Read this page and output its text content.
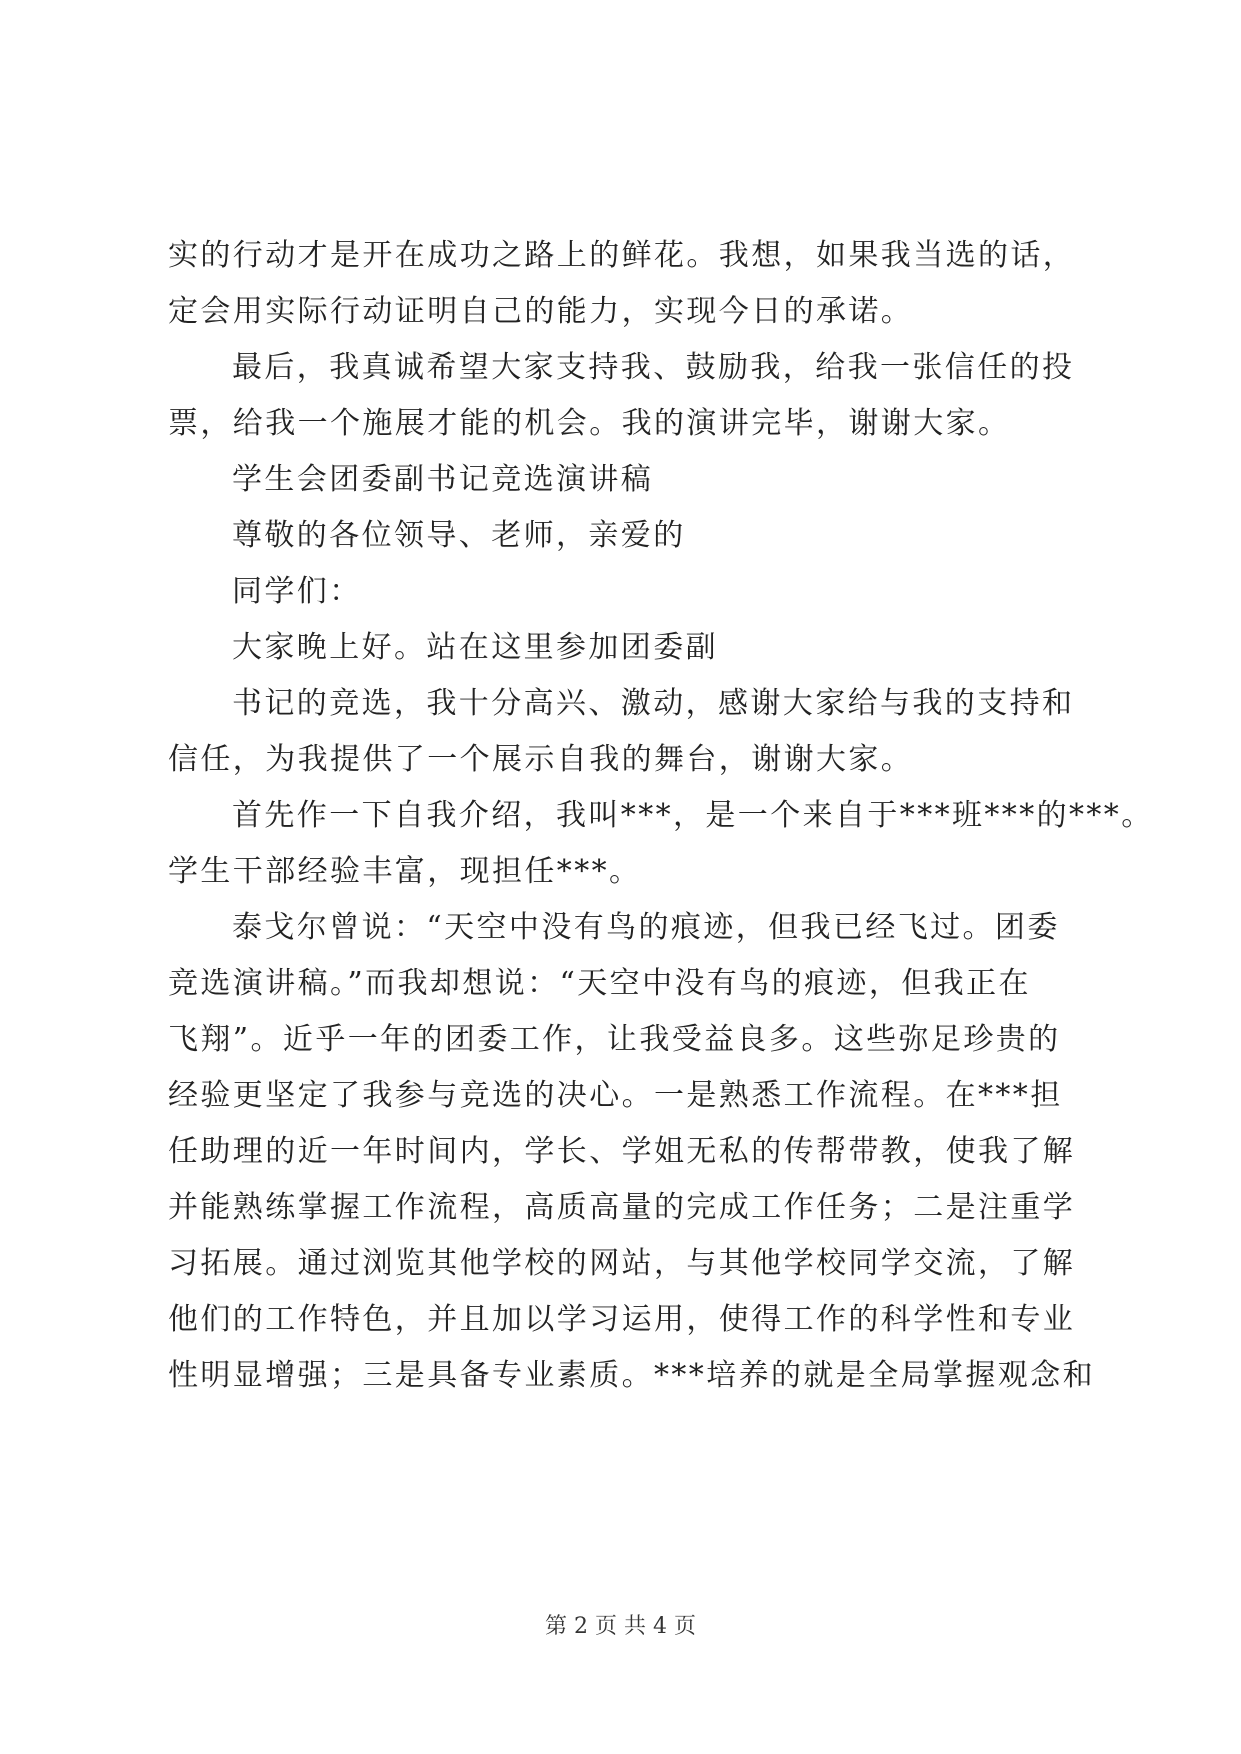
实的行动才是开在成功之路上的鲜花。我想，如果我当选的话，
定会用实际行动证明自己的能力，实现今日的承诺。
最后，我真诚希望大家支持我、鼓励我，给我一张信任的投
票，给我一个施展才能的机会。我的演讲完毕，谢谢大家。
学生会团委副书记竞选演讲稿
尊敬的各位领导、老师，亲爱的
同学们：
大家晚上好。站在这里参加团委副
书记的竞选，我十分高兴、激动，感谢大家给与我的支持和
信任，为我提供了一个展示自我的舞台，谢谢大家。
首先作一下自我介绍，我叫***，是一个来自于***班***的***。
学生干部经验丰富，现担任***。
泰戈尔曾说：“天空中没有鸟的痕迹，但我已经飞过。团委
竞选演讲稿。”而我却想说：“天空中没有鸟的痕迹，但我正在
飞翔”。近乎一年的团委工作，让我受益良多。这些弥足珍贵的
经验更坚定了我参与竞选的决心。一是熟悉工作流程。在***担
任助理的近一年时间内，学长、学姐无私的传帮带教，使我了解
并能熟练掌握工作流程，高质高量的完成工作任务；二是注重学
习拓展。通过浏览其他学校的网站，与其他学校同学交流，了解
他们的工作特色，并且加以学习运用，使得工作的科学性和专业
性明显增强；三是具备专业素质。***培养的就是全局掌握观念和
第 2 页 共 4 页
